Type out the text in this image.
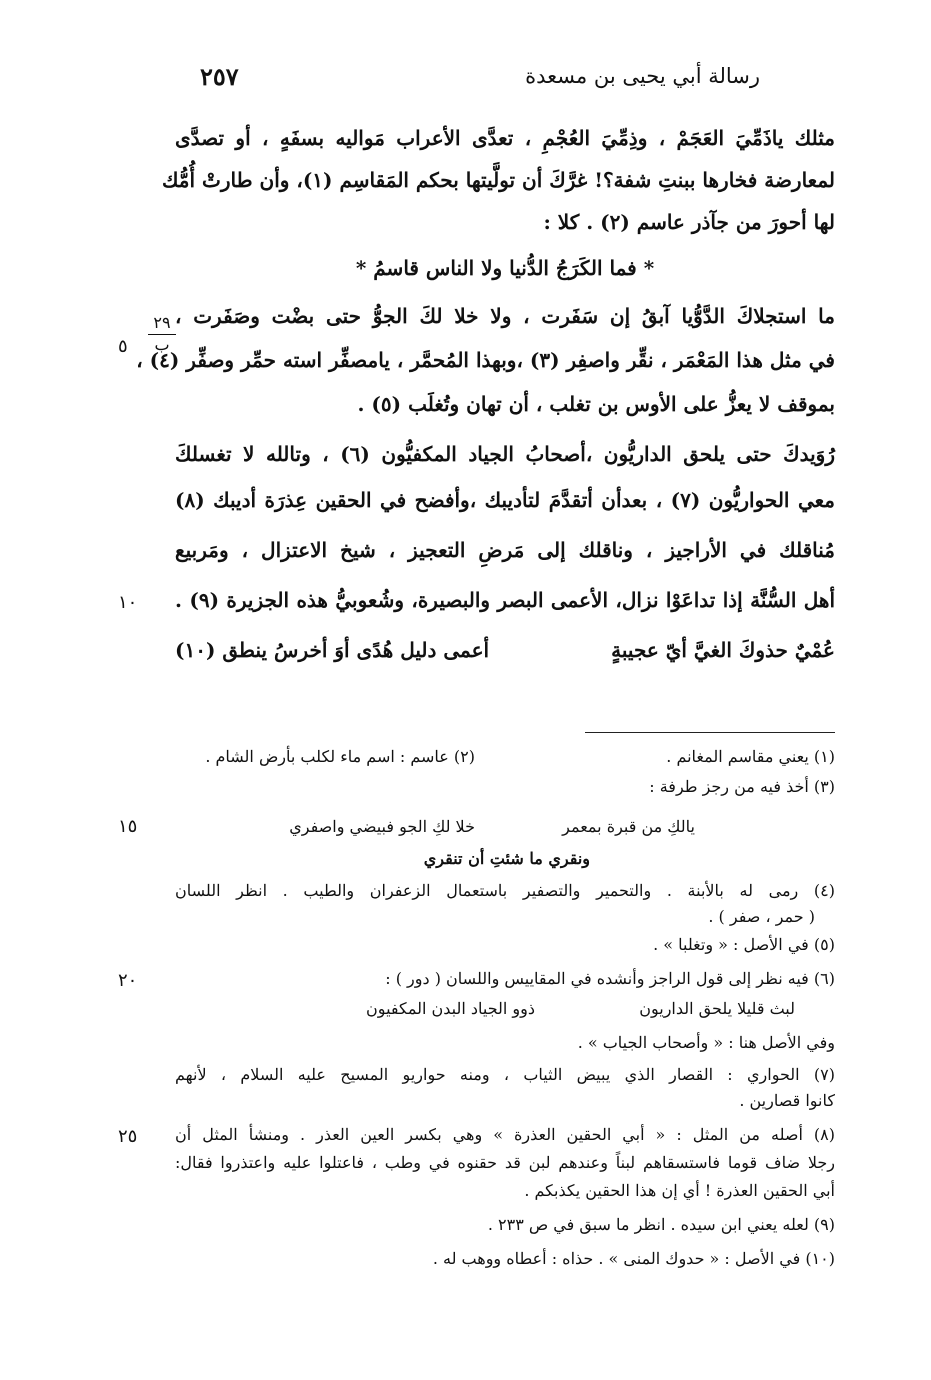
٢٥٧	رسالة أبي يحيى بن مسعدة
مثلك ياذَمِّيَ العَجَمْ ، وذِمِّيَ العُجْمِ ، تعدَّى الأعراب مَواليه بسفَهٍ ، أو تصدَّى
لمعارضة فخارها ببنتِ شفة؟! غرَّكَ أن تولَّيتها بحكم المَقاسِم (١)، وأن طارتْ أُمُّك
لها أحورَ من جآذر عاسم (٢) . كلا :
* فما الكَرَجُ الدُّنيا ولا الناس قاسمُ *
ما استجلاكَ الدَّوُّيا آبقُ إن سَفَرت ، ولا خلا لكَ الجوُّ حتى بضْت وصَفَرت ،
في مثل هذا المَعْمَر ، نقِّر واصفِر (٣) ،وبهذا المُحمَّر ، يامصفِّر استه حمِّر وصفِّر (٤) ،
بموقف لا يعزُّ على الأوس بن تغلب ، أن تهان وتُغلَب (٥) .
رُوَيدكَ حتى يلحق الداريُّون ،أصحابُ الجياد المكفيُّون (٦) ، وتالله لا تغسلكَ
معي الحواريُّون (٧) ، بعدأن أتقدَّمَ لتأديبك ،وأفضح في الحقين عِذرَة أديبك (٨)
مُناقلك في الأراجيز ، وناقلك إلى مَرضِ التعجيز ، شيخ الاعتزال ، ومَربيع
أهل السُّنَّة إذا تداعَوْا نزال، الأعمى البصر والبصيرة، وشُعوبيُّ هذه الجزيرة (٩) .
عُمْيٌ حذوكَ الغيَّ أيّ عجيبةٍ
أعمى دليل هُدًى أوَ أخرسُ ينطق (١٠)
٢٩
ب
٥
١٠
١٥
٢٠
٢٥
(١) يعني مقاسم المغانم .
(٢) عاسم : اسم ماء لكلب بأرض الشام .
(٣) أخذ فيه من رجز طرفة :
يالكِ من قبرة بمعمر
خلا لكِ الجو فبيضي واصفري
ونقري ما شئتِ أن تنقري
(٤) رمى له بالأبنة . والتحمير والتصفير باستعمال الزعفران والطيب . انظر اللسان
( حمر ، صفر ) .
(٥) في الأصل : « وتغلبا » .
(٦) فيه نظر إلى قول الراجز وأنشده في المقاييس واللسان ( دور ) :
لبث قليلا يلحق الداريون
ذوو الجياد البدن المكفيون
وفي الأصل هنا : « وأصحاب الجياب » .
(٧) الحواري : القصار الذي يبيض الثياب ، ومنه حواريو المسيح عليه السلام ، لأنهم
كانوا قصارين .
(٨) أصله من المثل : « أبي الحقين العذرة » وهي بكسر العين العذر . ومنشأ المثل أن
رجلا ضاف قوما فاستسقاهم لبناً وعندهم لبن قد حقنوه في وطب ، فاعتلوا عليه واعتذروا فقال:
أبي الحقين العذرة ! أي إن هذا الحقين يكذبكم .
(٩) لعله يعني ابن سيده . انظر ما سبق في ص ٢٣٣ .
(١٠) في الأصل : « حدوك المنى » . حذاه : أعطاه ووهب له .
